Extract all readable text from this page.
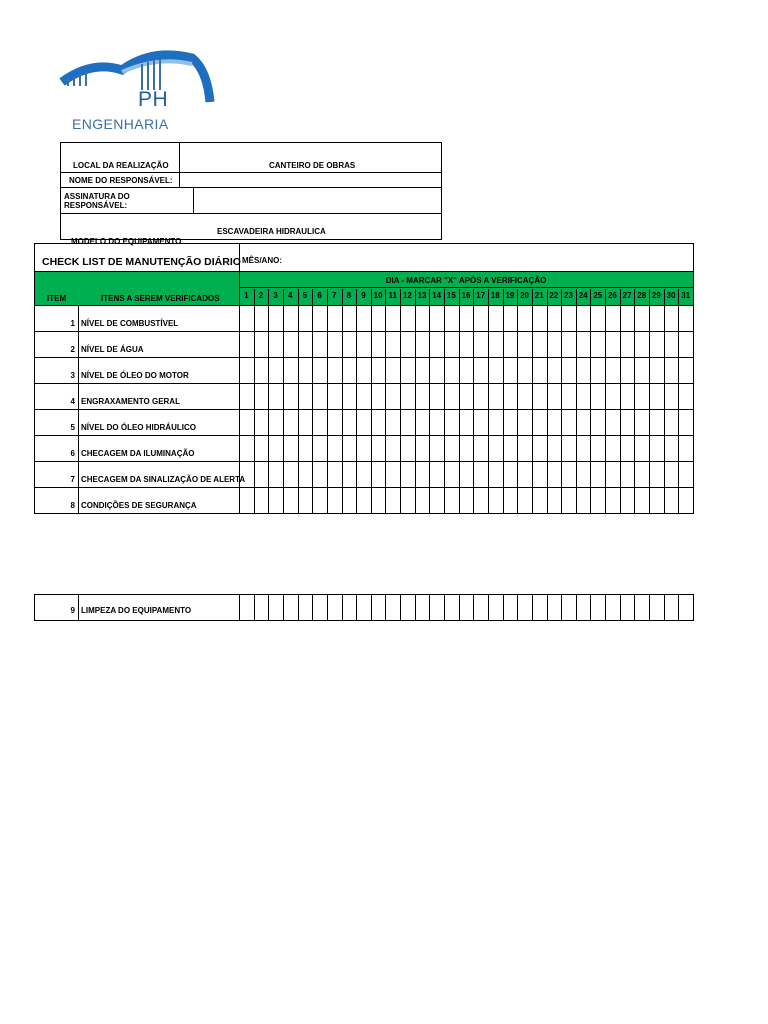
PH
ENGENHARIA
LOCAL DA REALIZAÇÃO	CANTEIRO DE OBRAS
NOME DO RESPONSÁVEL:
ASSINATURA DO RESPONSÁVEL:
ESCAVADEIRA HIDRAULICA
MODELO DO EQUIPAMENTO
CHECK LIST DE MANUTENÇÃO DIÁRIO MÊS/ANO:
DIA - MARCAR "X" APÓS A VERIFICAÇÃO
ITEM	ITENS A SEREM VERIFICADOS	1	2	3	4	5	6	7	8	9 10 11 12 13 14 15 16 17 18 19 20 21 22 23 24 25 26 27 28 29 30 31
1 NÍVEL DE COMBUSTÍVEL
2 NÍVEL DE ÁGUA
3 NÍVEL DE ÓLEO DO MOTOR
4 ENGRAXAMENTO GERAL
5 NÍVEL DO ÓLEO HIDRÁULICO
6 CHECAGEM DA ILUMINAÇÃO
7 CHECAGEM DA SINALIZAÇÃO DE ALERTA
8 CONDIÇÕES DE SEGURANÇA
9 LIMPEZA DO EQUIPAMENTO
